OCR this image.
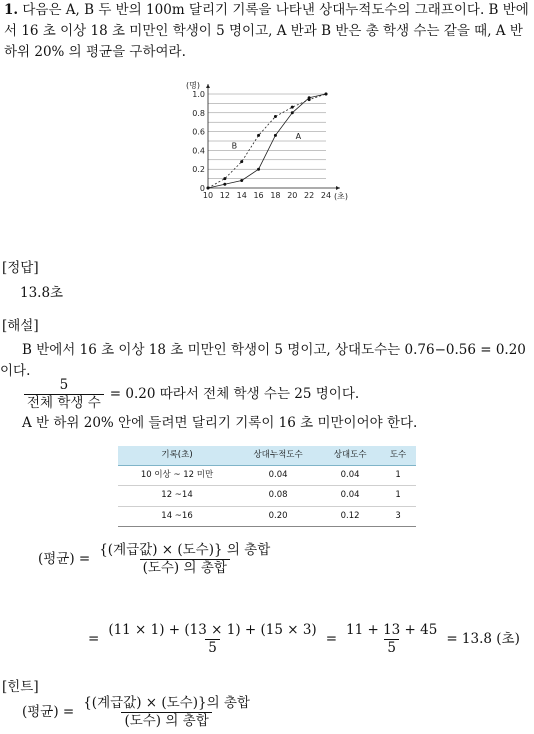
1. 다음은 A, B 두 반의 100m 달리기 기록을 나타낸 상대누적도수의 그래프이다. B 반에서 16 초 이상 18 초 미만인 학생이 5 명이고, A 반과 B 반은 총 학생 수는 같을 때, A 반 하위 20% 의 평균을 구하여라.
10 12 14 16 18 20 22 24
0
0.2
0.4
0.6
0.8
1.0
(명)
(초)
A
B
[정답]
13.8초
[해설]
B 반에서 16 초 이상 18 초 미만인 학생이 5 명이고, 상대도수는 0.76−0.56 = 0.20 이다.
$\frac{5}{\text{전체 학생 수}} = 0.20$ 따라서 전체 학생 수는 25 명이다.
A 반 하위 20% 안에 들려면 달리기 기록이 16 초 미만이어야 한다.
기록(초)	상대누적도수	상대도수	도수
10 이상 ~ 12 미만	0.04	0.04	1
12 ~14	0.08	0.04	1
14 ~16	0.20	0.12	3
(평균) = $\frac{\text{\{(계급값) × (도수)\} 의 총합}}{\text{(도수) 의 총합}}$
= $\frac{(11 \times 1) + (13 \times 1) + (15 \times 3)}{5} = \frac{11 + 13 + 45}{5} = 13.8$ (초)
[힌트]
(평균) = $\frac{\text{\{(계급값) × (도수)\}의 총합}}{\text{(도수) 의 총합}}$
